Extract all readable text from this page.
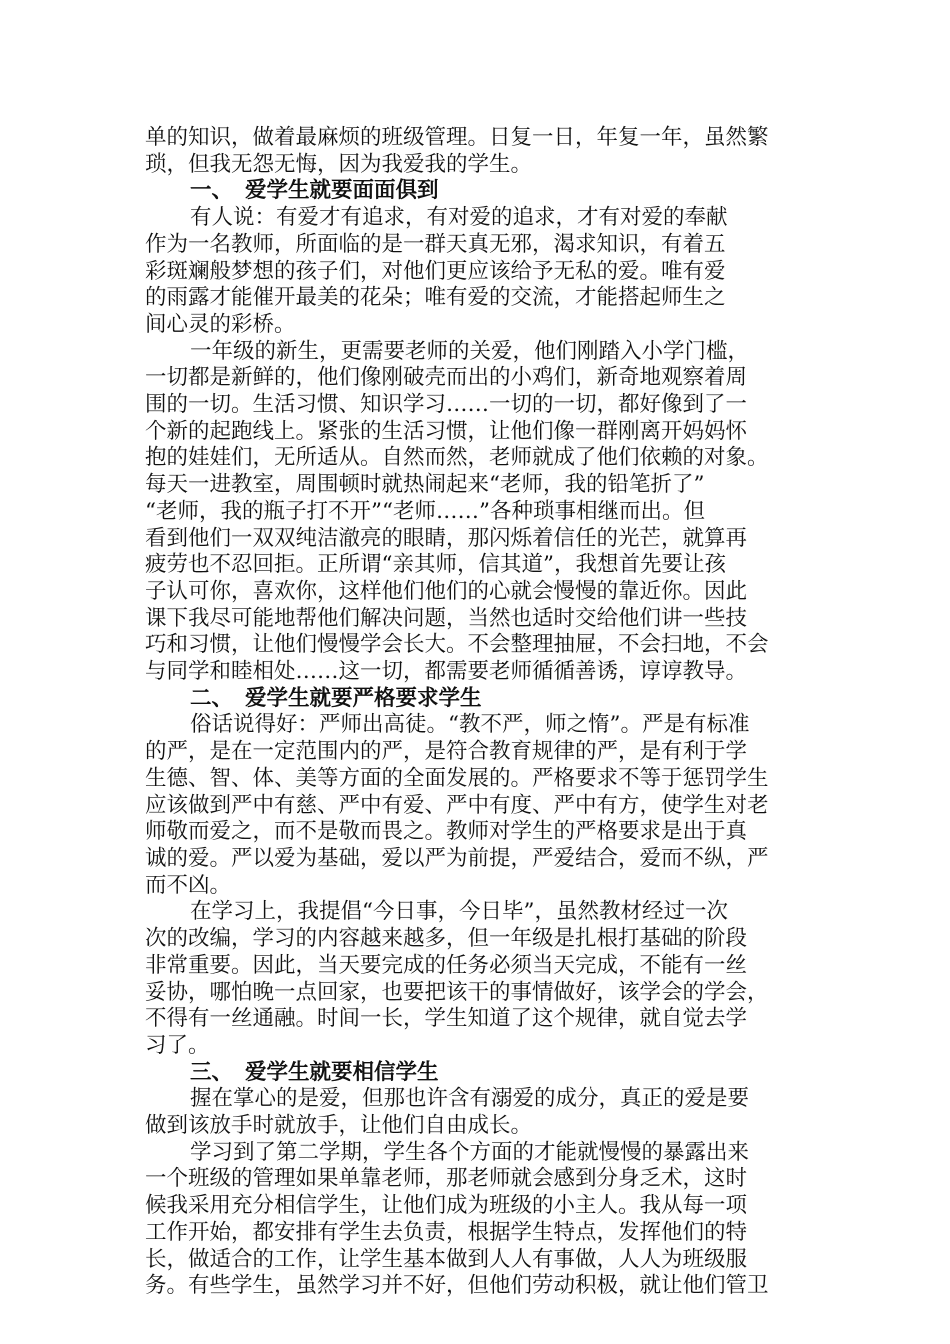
单的知识，做着最麻烦的班级管理。日复一日，年复一年，虽然繁
琐，但我无怨无悔，因为我爱我的学生。
一、 爱学生就要面面俱到
有人说：有爱才有追求，有对爱的追求，才有对爱的奉献
作为一名教师，所面临的是一群天真无邪，渴求知识，有着五
彩斑斓般梦想的孩子们，对他们更应该给予无私的爱。唯有爱
的雨露才能催开最美的花朵；唯有爱的交流，才能搭起师生之
间心灵的彩桥。
一年级的新生，更需要老师的关爱，他们刚踏入小学门槛，
一切都是新鲜的，他们像刚破壳而出的小鸡们，新奇地观察着周
围的一切。生活习惯、知识学习……一切的一切，都好像到了一
个新的起跑线上。紧张的生活习惯，让他们像一群刚离开妈妈怀
抱的娃娃们，无所适从。自然而然，老师就成了他们依赖的对象。
每天一进教室，周围顿时就热闹起来“老师，我的铅笔折了”
“老师，我的瓶子打不开”“老师……”各种琐事相继而出。但
看到他们一双双纯洁澈亮的眼睛，那闪烁着信任的光芒，就算再
疲劳也不忍回拒。正所谓“亲其师，信其道”，我想首先要让孩
子认可你，喜欢你，这样他们他们的心就会慢慢的靠近你。因此
课下我尽可能地帮他们解决问题，当然也适时交给他们讲一些技
巧和习惯，让他们慢慢学会长大。不会整理抽屉，不会扫地，不会
与同学和睦相处……这一切，都需要老师循循善诱，谆谆教导。
二、 爱学生就要严格要求学生
俗话说得好：严师出高徒。“教不严，师之惰”。严是有标准
的严，是在一定范围内的严，是符合教育规律的严，是有利于学
生德、智、体、美等方面的全面发展的。严格要求不等于惩罚学生
应该做到严中有慈、严中有爱、严中有度、严中有方，使学生对老
师敬而爱之，而不是敬而畏之。教师对学生的严格要求是出于真
诚的爱。严以爱为基础，爱以严为前提，严爱结合，爱而不纵，严
而不凶。
在学习上，我提倡“今日事，今日毕”，虽然教材经过一次
次的改编，学习的内容越来越多，但一年级是扎根打基础的阶段
非常重要。因此，当天要完成的任务必须当天完成，不能有一丝
妥协，哪怕晚一点回家，也要把该干的事情做好，该学会的学会，
不得有一丝通融。时间一长，学生知道了这个规律，就自觉去学
习了。
三、 爱学生就要相信学生
握在掌心的是爱，但那也许含有溺爱的成分，真正的爱是要
做到该放手时就放手，让他们自由成长。
学习到了第二学期，学生各个方面的才能就慢慢的暴露出来
一个班级的管理如果单靠老师，那老师就会感到分身乏术，这时
候我采用充分相信学生，让他们成为班级的小主人。我从每一项
工作开始，都安排有学生去负责，根据学生特点，发挥他们的特
长，做适合的工作，让学生基本做到人人有事做，人人为班级服
务。有些学生，虽然学习并不好，但他们劳动积极，就让他们管卫
